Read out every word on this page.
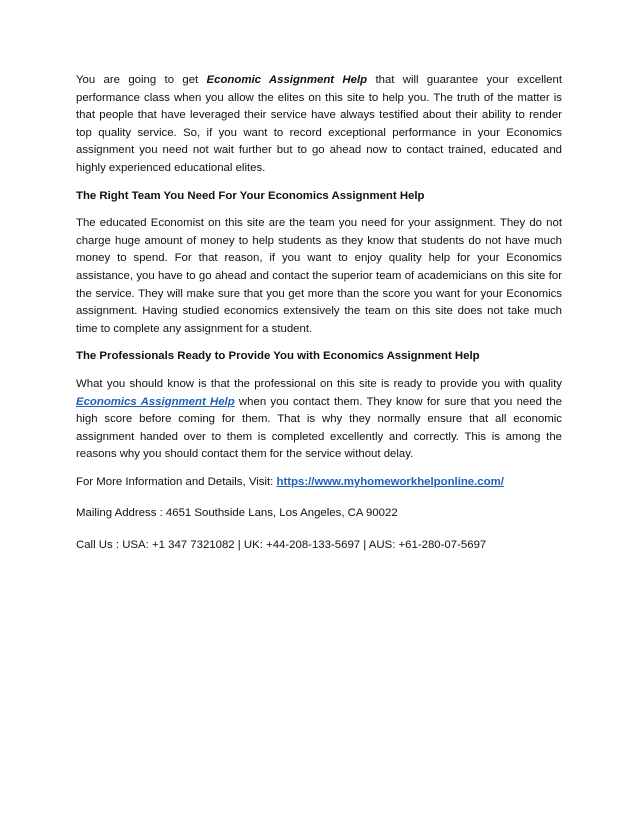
You are going to get Economic Assignment Help that will guarantee your excellent performance class when you allow the elites on this site to help you. The truth of the matter is that people that have leveraged their service have always testified about their ability to render top quality service. So, if you want to record exceptional performance in your Economics assignment you need not wait further but to go ahead now to contact trained, educated and highly experienced educational elites.

The Right Team You Need For Your Economics Assignment Help

The educated Economist on this site are the team you need for your assignment. They do not charge huge amount of money to help students as they know that students do not have much money to spend. For that reason, if you want to enjoy quality help for your Economics assistance, you have to go ahead and contact the superior team of academicians on this site for the service. They will make sure that you get more than the score you want for your Economics assignment. Having studied economics extensively the team on this site does not take much time to complete any assignment for a student.

The Professionals Ready to Provide You with Economics Assignment Help

What you should know is that the professional on this site is ready to provide you with quality Economics Assignment Help when you contact them. They know for sure that you need the high score before coming for them. That is why they normally ensure that all economic assignment handed over to them is completed excellently and correctly. This is among the reasons why you should contact them for the service without delay.

For More Information and Details, Visit: https://www.myhomeworkhelponline.com/

Mailing Address : 4651 Southside Lans, Los Angeles, CA 90022

Call Us : USA: +1 347 7321082 | UK: +44-208-133-5697 | AUS: +61-280-07-5697
